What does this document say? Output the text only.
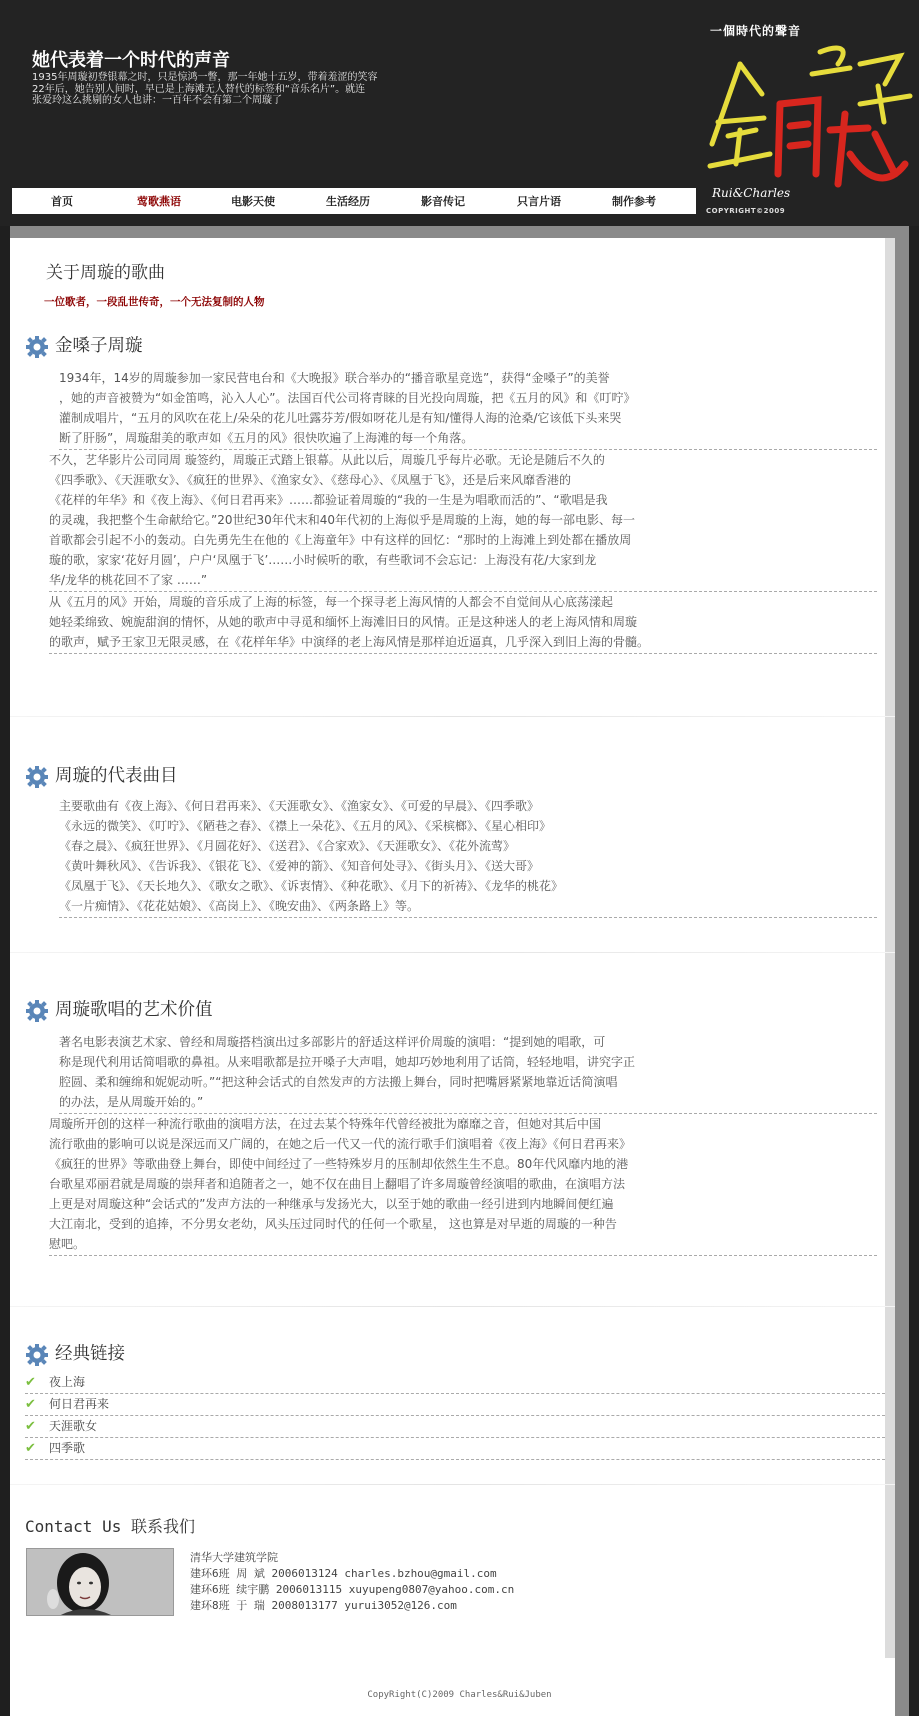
她代表着一个时代的声音
1935年周璇初登银幕之时，只是惊鸿一瞥，那一年她十五岁，带着羞涩的笑容
22年后，她告别人间时，早已是上海滩无人替代的标签和“音乐名片”。就连
张爱玲这么挑剔的女人也讲：一百年不会有第二个周璇了
一個時代的聲音
Rui&Charles
COPYRIGHT©2009
首页	莺歌燕语	电影天使	生活经历	影音传记	只言片语	制作参考
关于周璇的歌曲
一位歌者，一段乱世传奇，一个无法复制的人物
金嗓子周璇
1934年，14岁的周璇参加一家民营电台和《大晚报》联合举办的“播音歌星竞选”，获得“金嗓子”的美誉
，她的声音被赞为“如金笛鸣，沁入人心”。法国百代公司将青睐的目光投向周璇，把《五月的风》和《叮咛》
灌制成唱片，“五月的风吹在花上/朵朵的花儿吐露芬芳/假如呀花儿是有知/懂得人海的沧桑/它该低下头来哭
断了肝肠”，周璇甜美的歌声如《五月的风》很快吹遍了上海滩的每一个角落。
不久，艺华影片公司同周 璇签约，周璇正式踏上银幕。从此以后，周璇几乎每片必歌。无论是随后不久的
《四季歌》、《天涯歌女》、《疯狂的世界》、《渔家女》、《慈母心》、《凤凰于飞》，还是后来风靡香港的
《花样的年华》和《夜上海》、《何日君再来》……都验证着周璇的“我的一生是为唱歌而活的”、“歌唱是我
的灵魂，我把整个生命献给它。”20世纪30年代末和40年代初的上海似乎是周璇的上海，她的每一部电影、每一
首歌都会引起不小的轰动。白先勇先生在他的《上海童年》中有这样的回忆：“那时的上海滩上到处都在播放周
璇的歌，家家‘花好月圆’，户户‘凤凰于飞’……小时候听的歌，有些歌词不会忘记：上海没有花/大家到龙
华/龙华的桃花回不了家 ……”
从《五月的风》开始，周璇的音乐成了上海的标签，每一个探寻老上海风情的人都会不自觉间从心底荡漾起
她轻柔绵致、婉旎甜润的情怀，从她的歌声中寻觅和缅怀上海滩旧日的风情。正是这种迷人的老上海风情和周璇
的歌声，赋予王家卫无限灵感，在《花样年华》中演绎的老上海风情是那样迫近逼真，几乎深入到旧上海的骨髓。
周璇的代表曲目
主要歌曲有《夜上海》、《何日君再来》、《天涯歌女》、《渔家女》、《可爱的早晨》、《四季歌》
《永远的微笑》、《叮咛》、《陋巷之春》、《襟上一朵花》、《五月的风》、《采槟榔》、《星心相印》
《春之晨》、《疯狂世界》、《月圆花好》、《送君》、《合家欢》、《天涯歌女》、《花外流莺》
《黄叶舞秋风》、《告诉我》、《银花飞》、《爱神的箭》、《知音何处寻》、《街头月》、《送大哥》
《凤凰于飞》、《天长地久》、《歌女之歌》、《诉衷情》、《种花歌》、《月下的祈祷》、《龙华的桃花》
《一片痴情》、《花花姑娘》、《高岗上》、《晚安曲》、《两条路上》等。
周璇歌唱的艺术价值
著名电影表演艺术家、曾经和周璇搭档演出过多部影片的舒适这样评价周璇的演唱：“提到她的唱歌，可
称是现代利用话简唱歌的鼻祖。从来唱歌都是拉开嗓子大声唱，她却巧妙地利用了话筒，轻轻地唱，讲究字正
腔圆、柔和缠绵和妮妮动听。”“把这种会话式的自然发声的方法搬上舞台，同时把嘴唇紧紧地靠近话简演唱
的办法，是从周璇开始的。”
周璇所开创的这样一种流行歌曲的演唱方法，在过去某个特殊年代曾经被批为靡靡之音，但她对其后中国
流行歌曲的影响可以说是深远而又广阔的，在她之后一代又一代的流行歌手们演唱着《夜上海》《何日君再来》
《疯狂的世界》等歌曲登上舞台，即使中间经过了一些特殊岁月的压制却依然生生不息。80年代风靡内地的港
台歌星邓丽君就是周璇的崇拜者和追随者之一，她不仅在曲目上翻唱了许多周璇曾经演唱的歌曲，在演唱方法
上更是对周璇这种“会话式的”发声方法的一种继承与发扬光大，以至于她的歌曲一经引进到内地瞬间便红遍
大江南北，受到的追捧，不分男女老幼，风头压过同时代的任何一个歌星， 这也算是对早逝的周璇的一种告
慰吧。
经典链接
✔ 夜上海
✔ 何日君再来
✔ 天涯歌女
✔ 四季歌
Contact Us 联系我们
清华大学建筑学院
建环6班 周 斌 2006013124 charles.bzhou@gmail.com
建环6班 续宇鹏 2006013115 xuyupeng0807@yahoo.com.cn
建环8班 于 瑞 2008013177 yurui3052@126.com
CopyRight(C)2009 Charles&Rui&Juben
